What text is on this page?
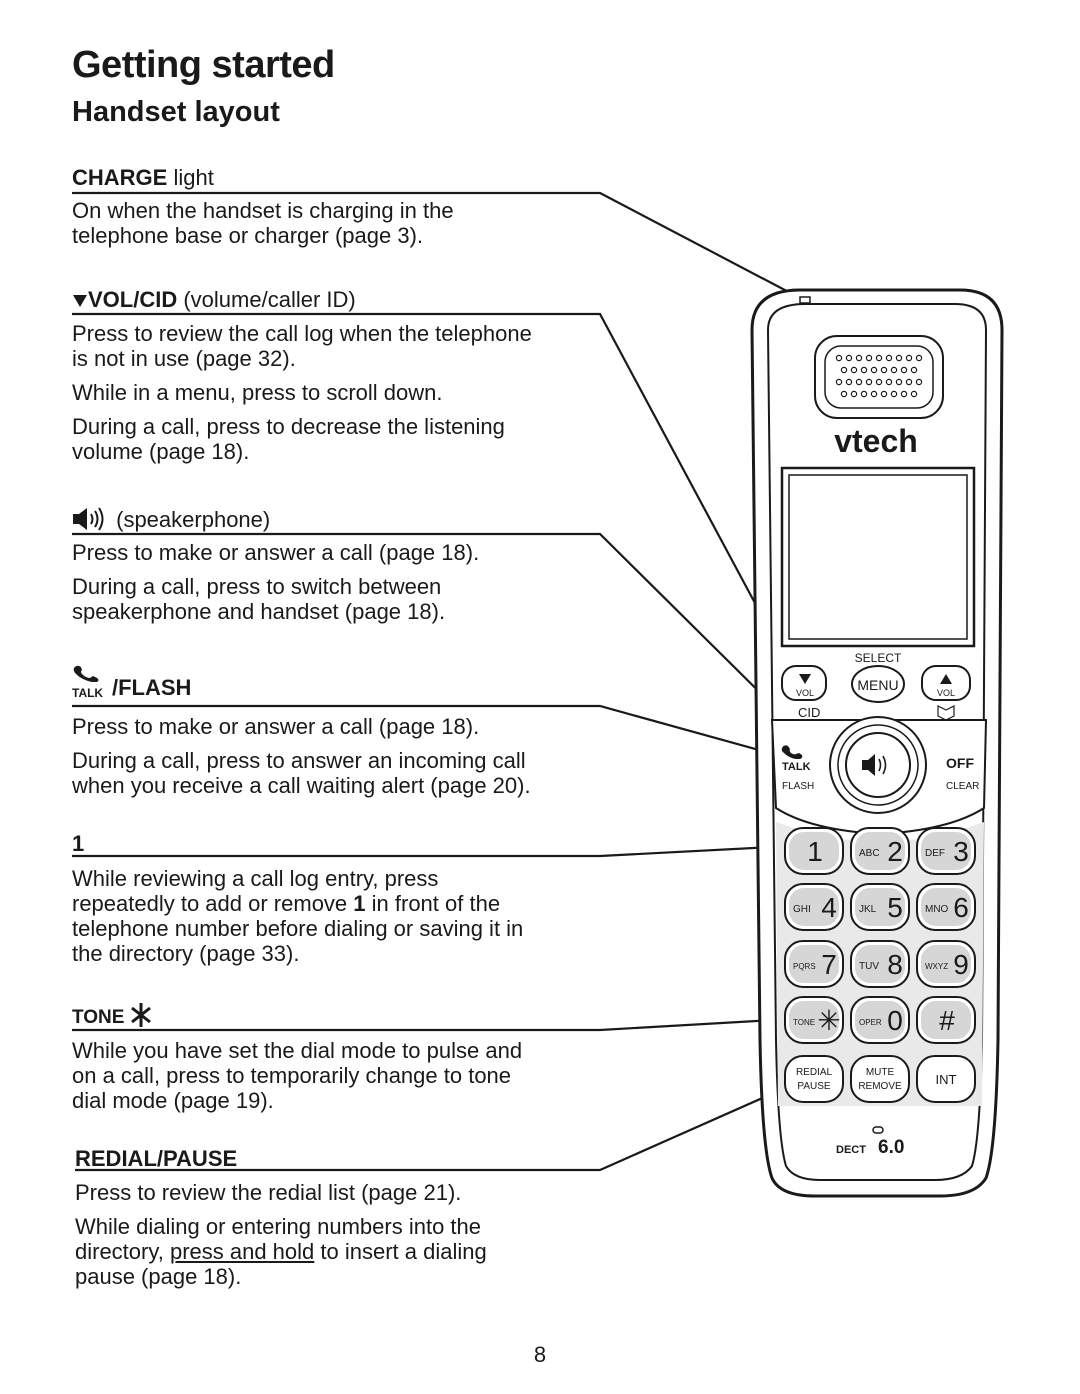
Getting started
Handset layout
CHARGE light
On when the handset is charging in the
telephone base or charger (page 3).
VOL/CID (volume/caller ID)
Press to review the call log when the telephone
is not in use (page 32).
While in a menu, press to scroll down.
During a call, press to decrease the listening
volume (page 18).
(speakerphone)
Press to make or answer a call (page 18).
During a call, press to switch between
speakerphone and handset (page 18).
TALK /FLASH
Press to make or answer a call (page 18).
During a call, press to answer an incoming call
when you receive a call waiting alert (page 20).
1
While reviewing a call log entry, press
repeatedly to add or remove 1 in front of the
telephone number before dialing or saving it in
the directory (page 33).
TONE
While you have set the dial mode to pulse and
on a call, press to temporarily change to tone
dial mode (page 19).
REDIAL/PAUSE
Press to review the redial list (page 21).
While dialing or entering numbers into the
directory, press and hold to insert a dialing
pause (page 18).
vtech
SELECT
VOL	MENU	VOL
CID
TALK
FLASH
OFF
CLEAR
1	ABC 2 DEF 3
GHI 4 JKL 5 MNO 6
PQRS 7 TUV 8	WXYZ 9
TONE ✳ OPER 0 #
REDIAL
PAUSE
MUTE
REMOVE	INT
DECT 6.0
8
